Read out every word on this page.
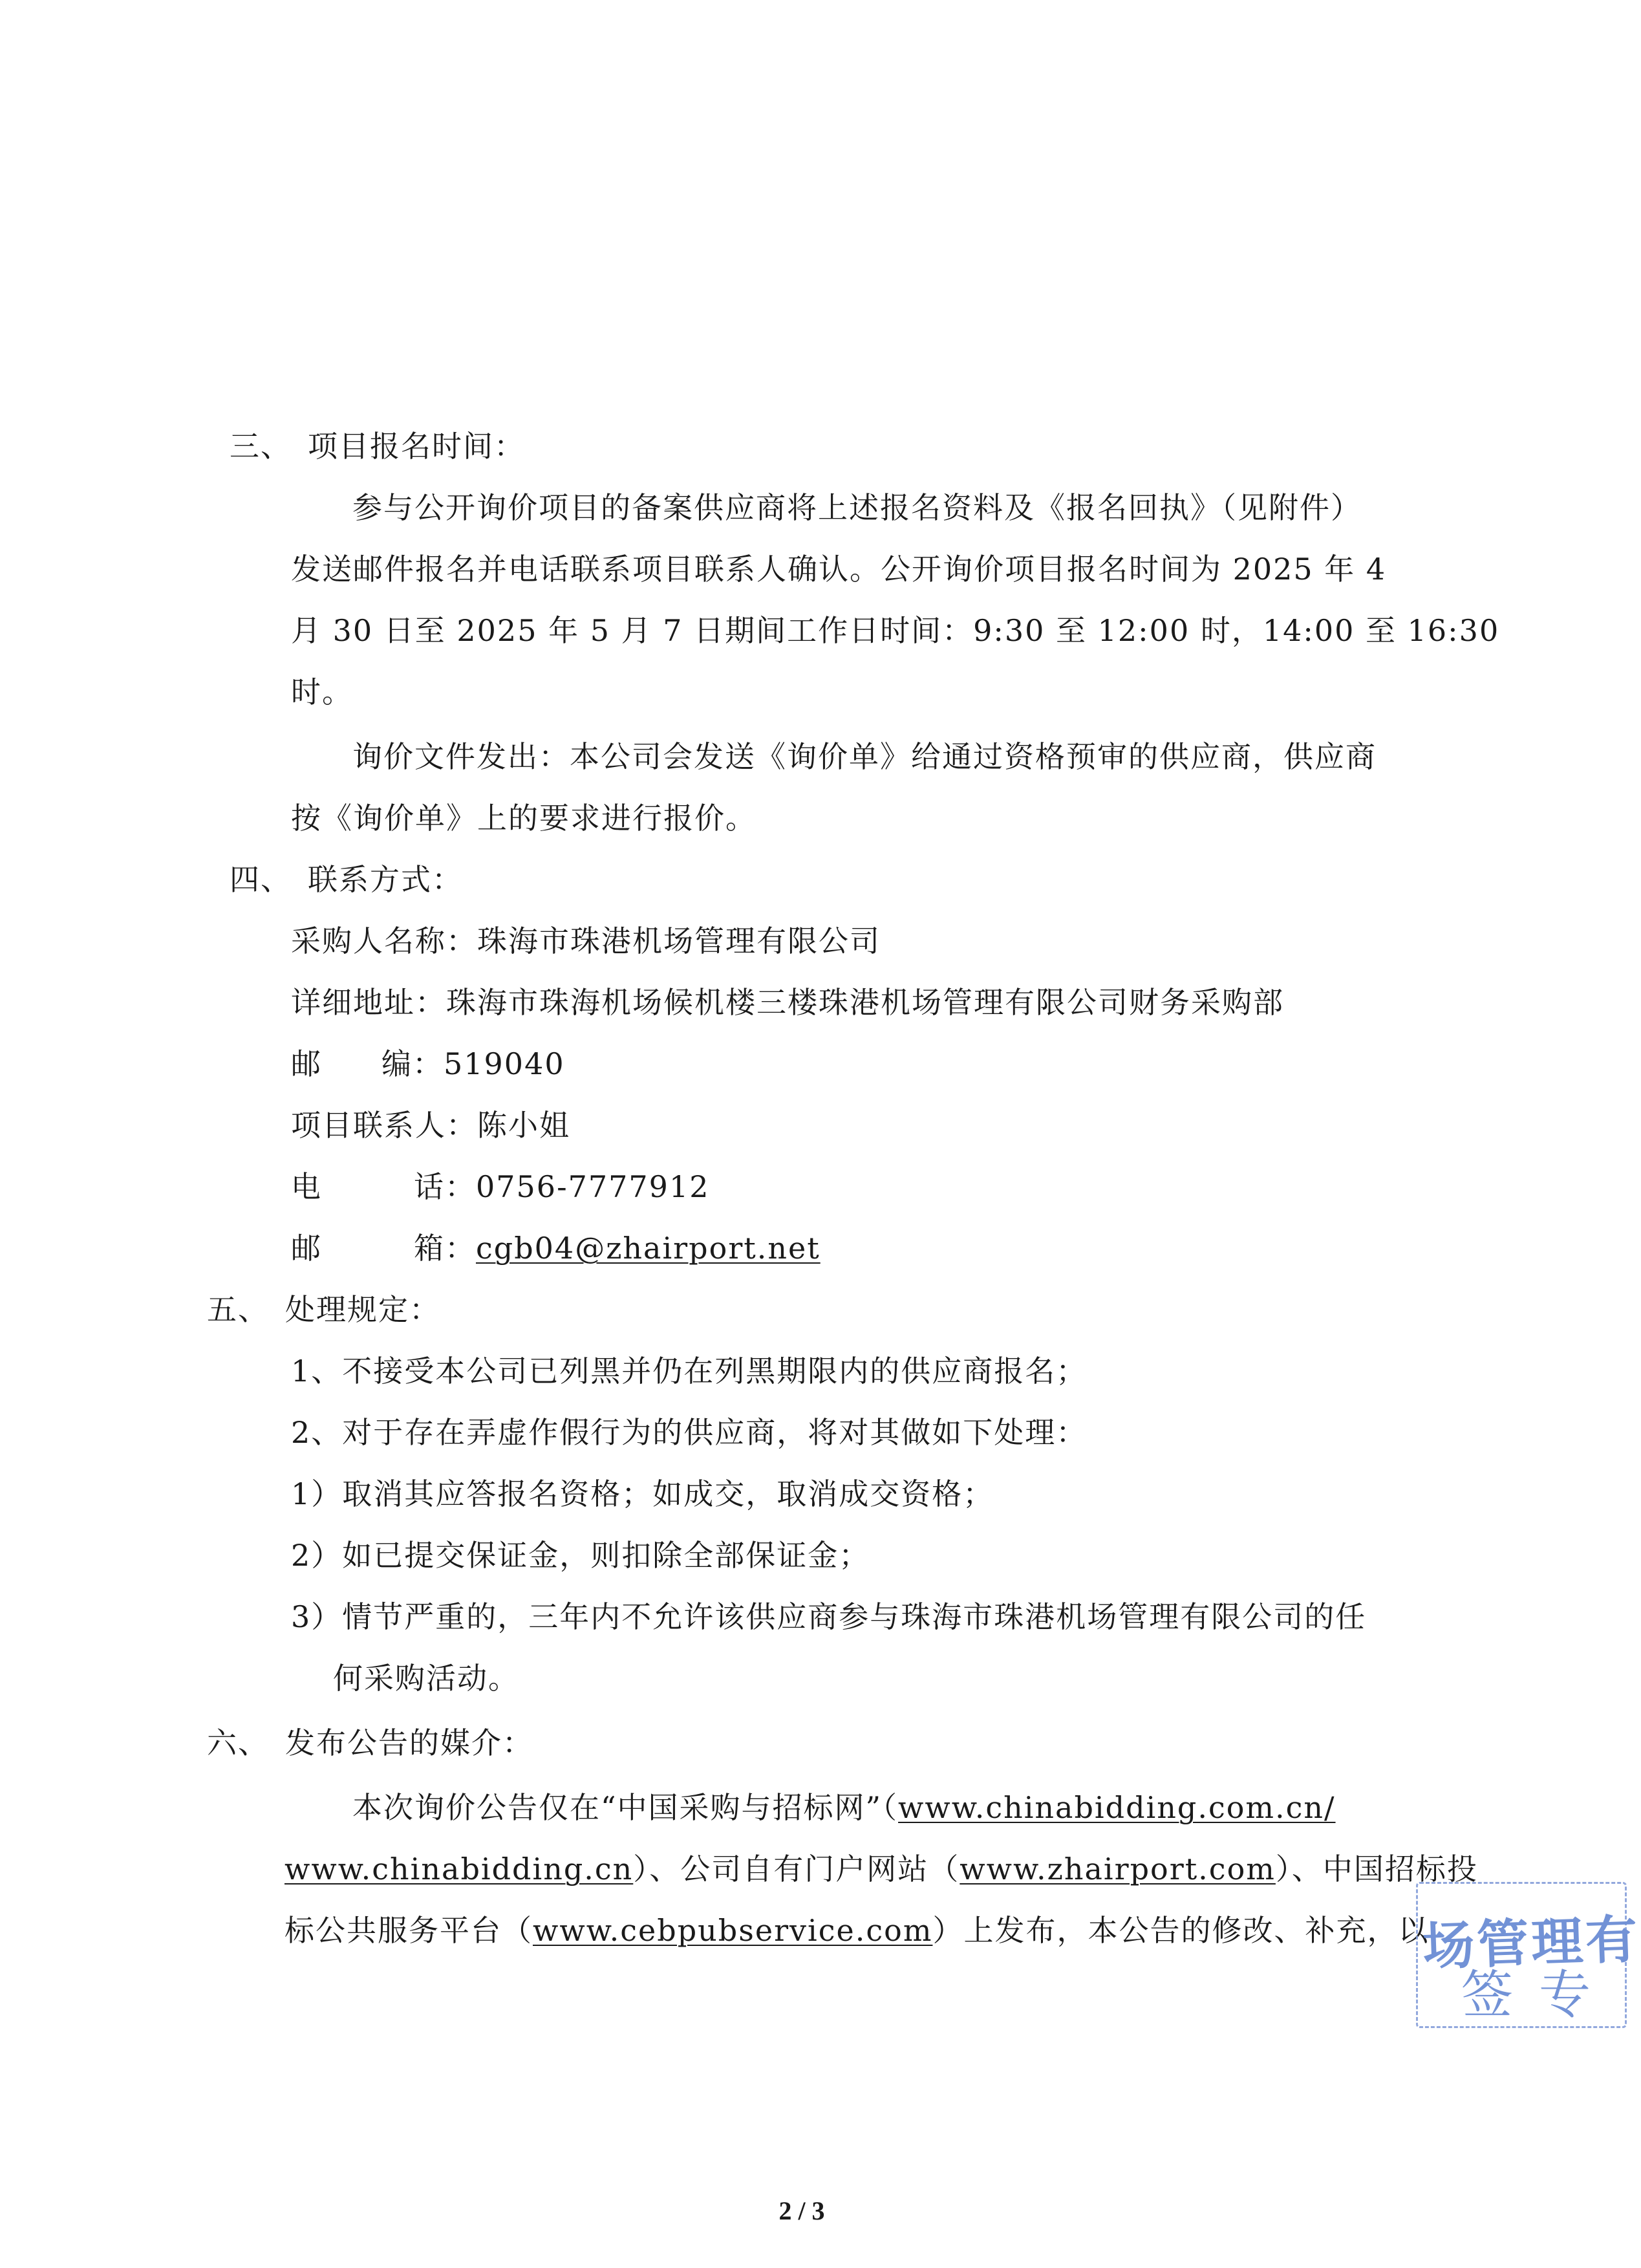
三、　项目报名时间：
参与公开询价项目的备案供应商将上述报名资料及《报名回执》（见附件）
发送邮件报名并电话联系项目联系人确认。公开询价项目报名时间为 2025 年 4
月 30 日至 2025 年 5 月 7 日期间工作日时间：9:30 至 12:00 时，14:00 至 16:30
时。
询价文件发出：本公司会发送《询价单》给通过资格预审的供应商，供应商
按《询价单》上的要求进行报价。
四、　联系方式：
采购人名称：珠海市珠港机场管理有限公司
详细地址：珠海市珠海机场候机楼三楼珠港机场管理有限公司财务采购部
邮 编：519040
项目联系人：陈小姐
电	话：0756-7777912
邮	箱：cgb04@zhairport.net
五、　处理规定：
1、不接受本公司已列黑并仍在列黑期限内的供应商报名；
2、对于存在弄虚作假行为的供应商，将对其做如下处理：
1）取消其应答报名资格；如成交，取消成交资格；
2）如已提交保证金，则扣除全部保证金；
3）情节严重的，三年内不允许该供应商参与珠海市珠港机场管理有限公司的任
何采购活动。
六、　发布公告的媒介：
本次询价公告仅在“中国采购与招标网”（www.chinabidding.com.cn/
www.chinabidding.cn）、公司自有门户网站（www.zhairport.com）、中国招标投
标公共服务平台（www.cebpubservice.com）上发布，本公告的修改、补充，以
场管理有
签专
2 / 3
